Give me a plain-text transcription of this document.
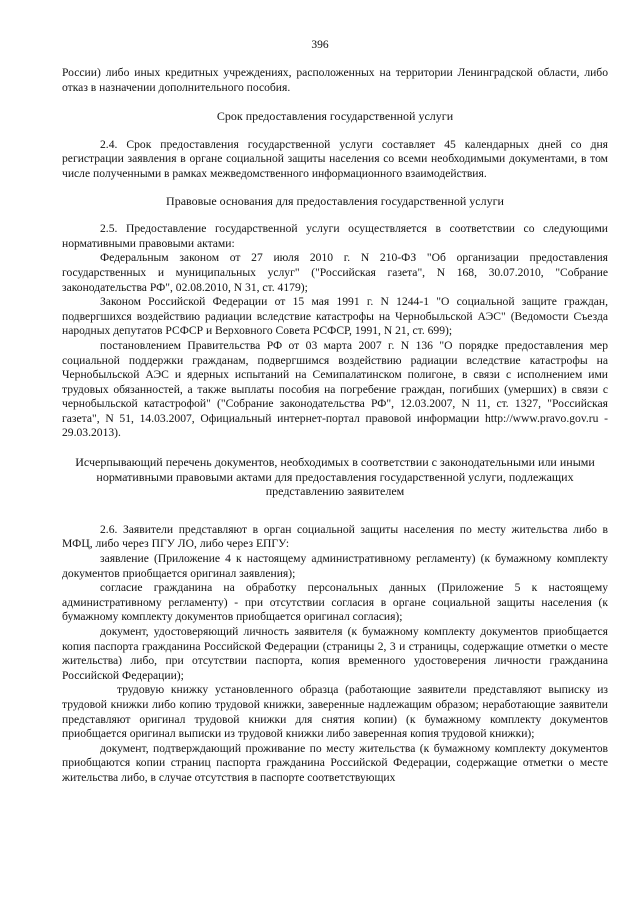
396

России) либо иных кредитных учреждениях, расположенных на территории Ленинградской области, либо отказ в назначении дополнительного пособия.

Срок предоставления государственной услуги

2.4. Срок предоставления государственной услуги составляет 45 календарных дней со дня регистрации заявления в органе социальной защиты населения со всеми необходимыми документами, в том числе полученными в рамках межведомственного информационного взаимодействия.

Правовые основания для предоставления государственной услуги

2.5. Предоставление государственной услуги осуществляется в соответствии со следующими нормативными правовыми актами:

Федеральным законом от 27 июля 2010 г. N 210-ФЗ "Об организации предоставления государственных и муниципальных услуг" ("Российская газета", N 168, 30.07.2010, "Собрание законодательства РФ", 02.08.2010, N 31, ст. 4179);

Законом Российской Федерации от 15 мая 1991 г. N 1244-1 "О социальной защите граждан, подвергшихся воздействию радиации вследствие катастрофы на Чернобыльской АЭС" (Ведомости Съезда народных депутатов РСФСР и Верховного Совета РСФСР, 1991, N 21, ст. 699);

постановлением Правительства РФ от 03 марта 2007 г. N 136 "О порядке предоставления мер социальной поддержки гражданам, подвергшимся воздействию радиации вследствие катастрофы на Чернобыльской АЭС и ядерных испытаний на Семипалатинском полигоне, в связи с исполнением ими трудовых обязанностей, а также выплаты пособия на погребение граждан, погибших (умерших) в связи с чернобыльской катастрофой" ("Собрание законодательства РФ", 12.03.2007, N 11, ст. 1327, "Российская газета", N 51, 14.03.2007, Официальный интернет-портал правовой информации http://www.pravo.gov.ru - 29.03.2013).

Исчерпывающий перечень документов, необходимых в соответствии с законодательными или иными нормативными правовыми актами для предоставления государственной услуги, подлежащих представлению заявителем

2.6. Заявители представляют в орган социальной защиты населения по месту жительства либо в МФЦ, либо через ПГУ ЛО, либо через ЕПГУ:

заявление (Приложение 4 к настоящему административному регламенту) (к бумажному комплекту документов приобщается оригинал заявления);

согласие гражданина на обработку персональных данных (Приложение 5 к настоящему административному регламенту) - при отсутствии согласия в органе социальной защиты населения (к бумажному комплекту документов приобщается оригинал согласия);

документ, удостоверяющий личность заявителя (к бумажному комплекту документов приобщается копия паспорта гражданина Российской Федерации (страницы 2, 3 и страницы, содержащие отметки о месте жительства) либо, при отсутствии паспорта, копия временного удостоверения личности гражданина Российской Федерации);

трудовую книжку установленного образца (работающие заявители представляют выписку из трудовой книжки либо копию трудовой книжки, заверенные надлежащим образом; неработающие заявители представляют оригинал трудовой книжки для снятия копии) (к бумажному комплекту документов приобщается оригинал выписки из трудовой книжки либо заверенная копия трудовой книжки);

документ, подтверждающий проживание по месту жительства (к бумажному комплекту документов приобщаются копии страниц паспорта гражданина Российской Федерации, содержащие отметки о месте жительства либо, в случае отсутствия в паспорте соответствующих
